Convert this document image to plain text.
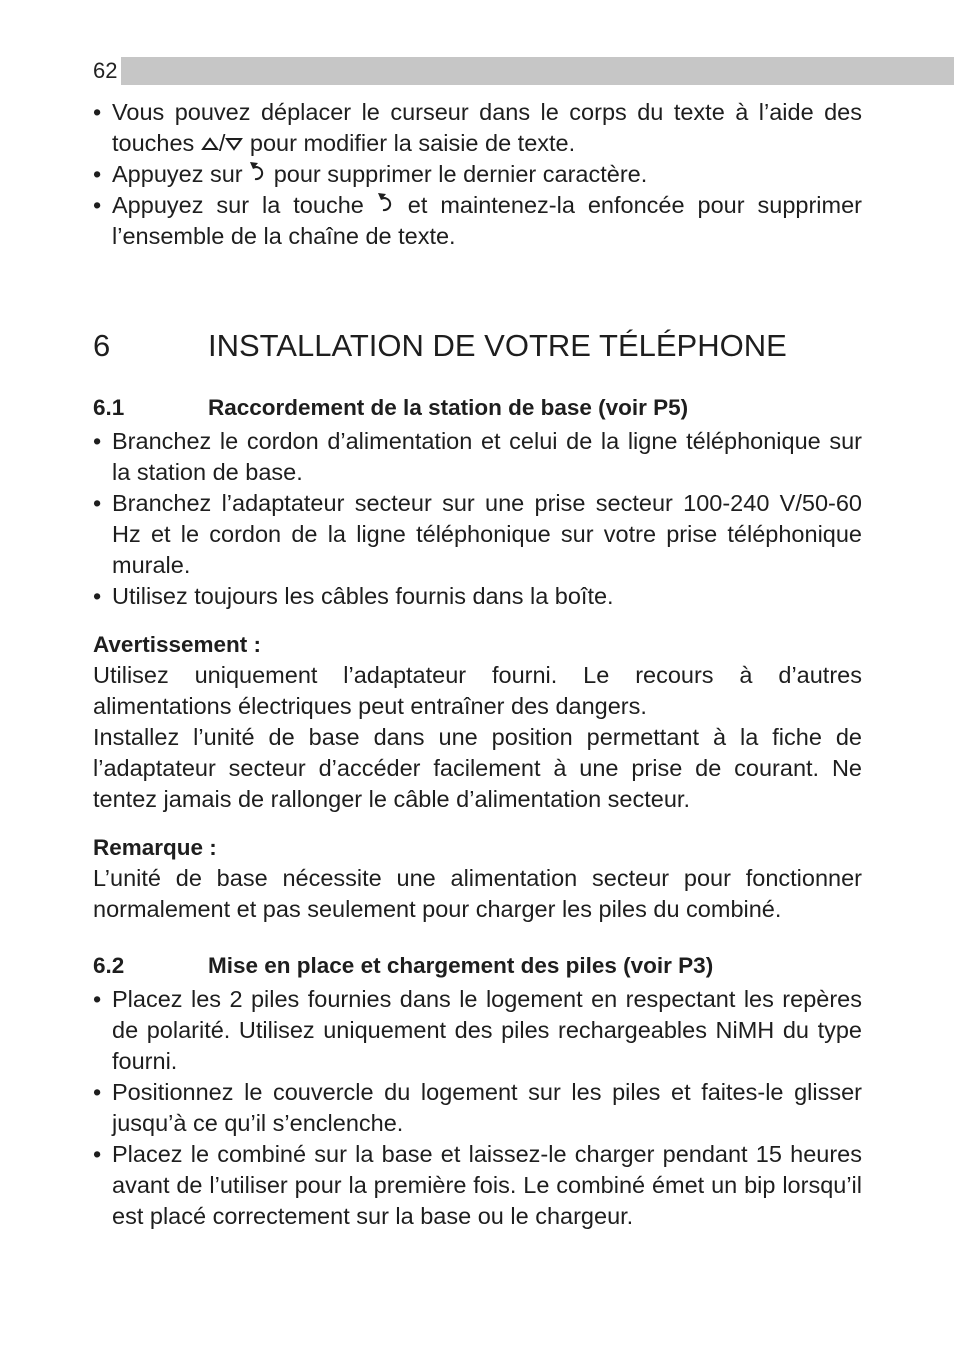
62

• Vous pouvez déplacer le curseur dans le corps du texte à l’aide des touches / pour modifier la saisie de texte.

• Appuyez sur pour supprimer le dernier caractère.

• Appuyez sur la touche et maintenez-la enfoncée pour supprimer l’ensemble de la chaîne de texte.

6	INSTALLATION DE VOTRE TÉLÉPHONE
6.1	Raccordement de la station de base (voir P5)

• Branchez le cordon d’alimentation et celui de la ligne téléphonique sur la station de base.

• Branchez l’adaptateur secteur sur une prise secteur 100-240 V/50-60 Hz et le cordon de la ligne téléphonique sur votre prise téléphonique murale.

• Utilisez toujours les câbles fournis dans la boîte.

Avertissement :

Utilisez uniquement l’adaptateur fourni. Le recours à d’autres alimentations électriques peut entraîner des dangers.

Installez l’unité de base dans une position permettant à la fiche de l’adaptateur secteur d’accéder facilement à une prise de courant. Ne tentez jamais de rallonger le câble d’alimentation secteur.

Remarque :

L’unité de base nécessite une alimentation secteur pour fonctionner normalement et pas seulement pour charger les piles du combiné.

6.2	Mise en place et chargement des piles (voir P3)

• Placez les 2 piles fournies dans le logement en respectant les repères de polarité. Utilisez uniquement des piles rechargeables NiMH du type fourni.

• Positionnez le couvercle du logement sur les piles et faites-le glisser jusqu’à ce qu’il s’enclenche.

• Placez le combiné sur la base et laissez-le charger pendant 15 heures avant de l’utiliser pour la première fois. Le combiné émet un bip lorsqu’il est placé correctement sur la base ou le chargeur.
